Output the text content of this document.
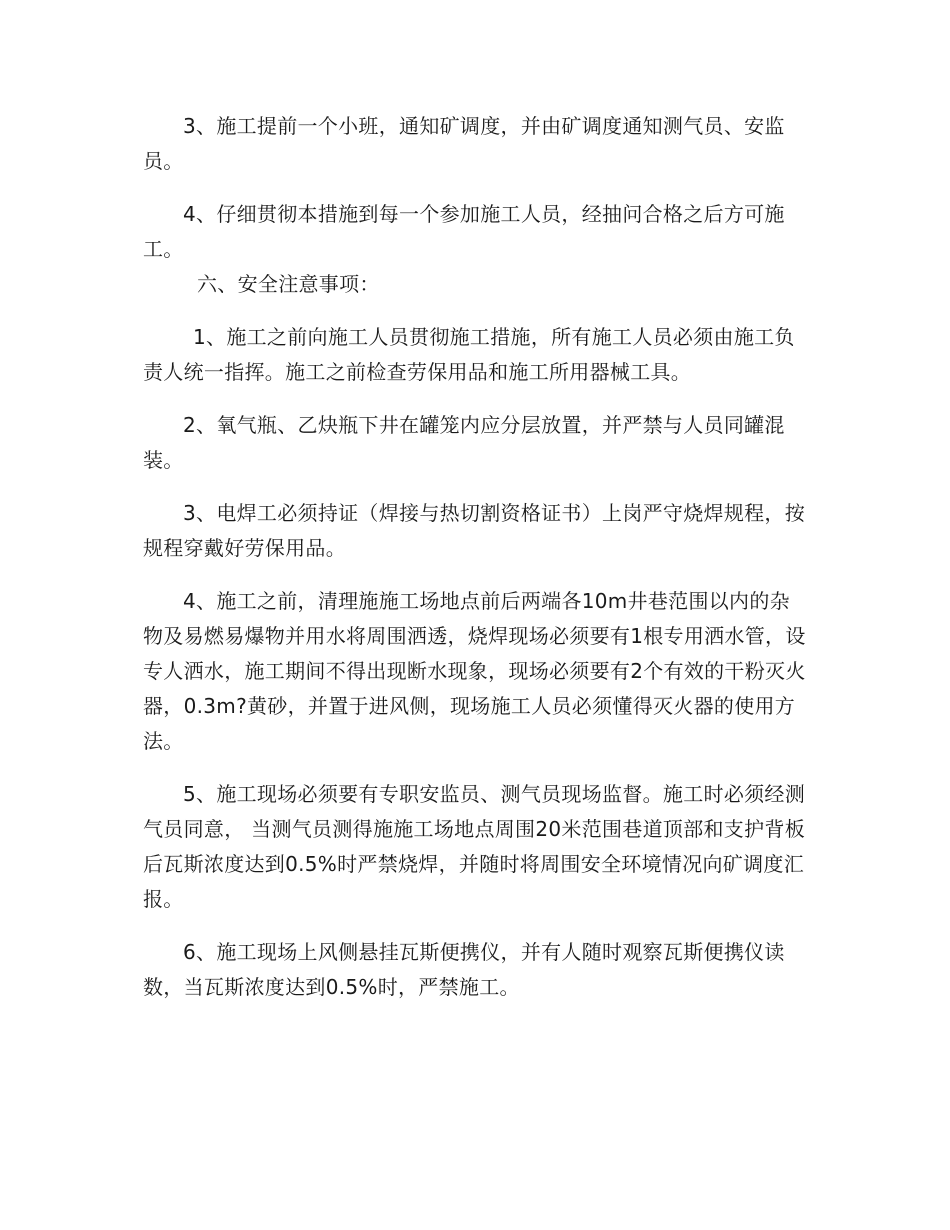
3、施工提前一个小班，通知矿调度，并由矿调度通知测气员、安监员。

4、仔细贯彻本措施到每一个参加施工人员，经抽问合格之后方可施工。

六、安全注意事项：

1、施工之前向施工人员贯彻施工措施，所有施工人员必须由施工负责人统一指挥。施工之前检查劳保用品和施工所用器械工具。

2、氧气瓶、乙炔瓶下井在罐笼内应分层放置，并严禁与人员同罐混装。

3、电焊工必须持证（焊接与热切割资格证书）上岗严守烧焊规程，按规程穿戴好劳保用品。

4、施工之前，清理施施工场地点前后两端各10m井巷范围以内的杂物及易燃易爆物并用水将周围洒透，烧焊现场必须要有1根专用洒水管，设专人洒水，施工期间不得出现断水现象，现场必须要有2个有效的干粉灭火器，0.3m?黄砂，并置于进风侧，现场施工人员必须懂得灭火器的使用方法。

5、施工现场必须要有专职安监员、测气员现场监督。施工时必须经测气员同意， 当测气员测得施施工场地点周围20米范围巷道顶部和支护背板后瓦斯浓度达到0.5%时严禁烧焊，并随时将周围安全环境情况向矿调度汇报。

6、施工现场上风侧悬挂瓦斯便携仪，并有人随时观察瓦斯便携仪读数，当瓦斯浓度达到0.5%时，严禁施工。
